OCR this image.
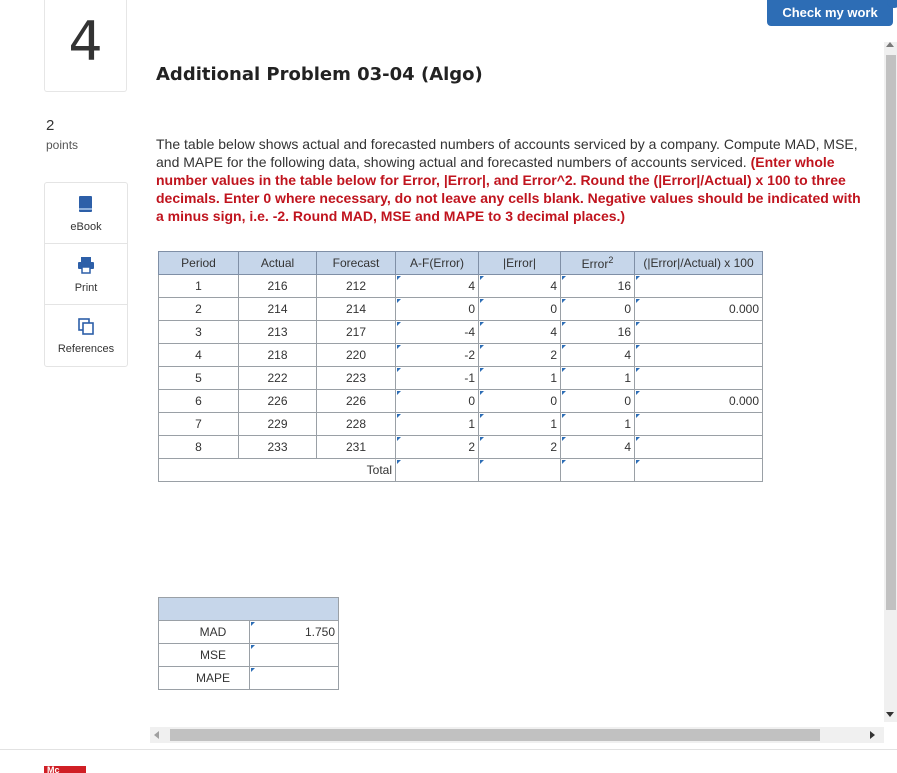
4
2
points
Additional Problem 03-04 (Algo)
Check my work
eBook
Print
References
The table below shows actual and forecasted numbers of accounts serviced by a company. Compute MAD, MSE, and MAPE for the following data, showing actual and forecasted numbers of accounts serviced. (Enter whole number values in the table below for Error, |Error|, and Error^2. Round the (|Error|/Actual) x 100 to three decimals. Enter 0 where necessary, do not leave any cells blank. Negative values should be indicated with a minus sign, i.e. -2. Round MAD, MSE and MAPE to 3 decimal places.)
Period	Actual	Forecast	A-F(Error)	|Error|	Error$^2$	(|Error|/Actual) x 100
1	216	212	4	4	16	
2	214	214	0	0	0	0.000
3	213	217	-4	4	16	
4	218	220	-2	2	4	
5	222	223	-1	1	1	
6	226	226	0	0	0	0.000
7	229	228	1	1	1	
8	233	231	2	2	4	
Total						

MAD	1.750
MSE	
MAPE	
Mc
